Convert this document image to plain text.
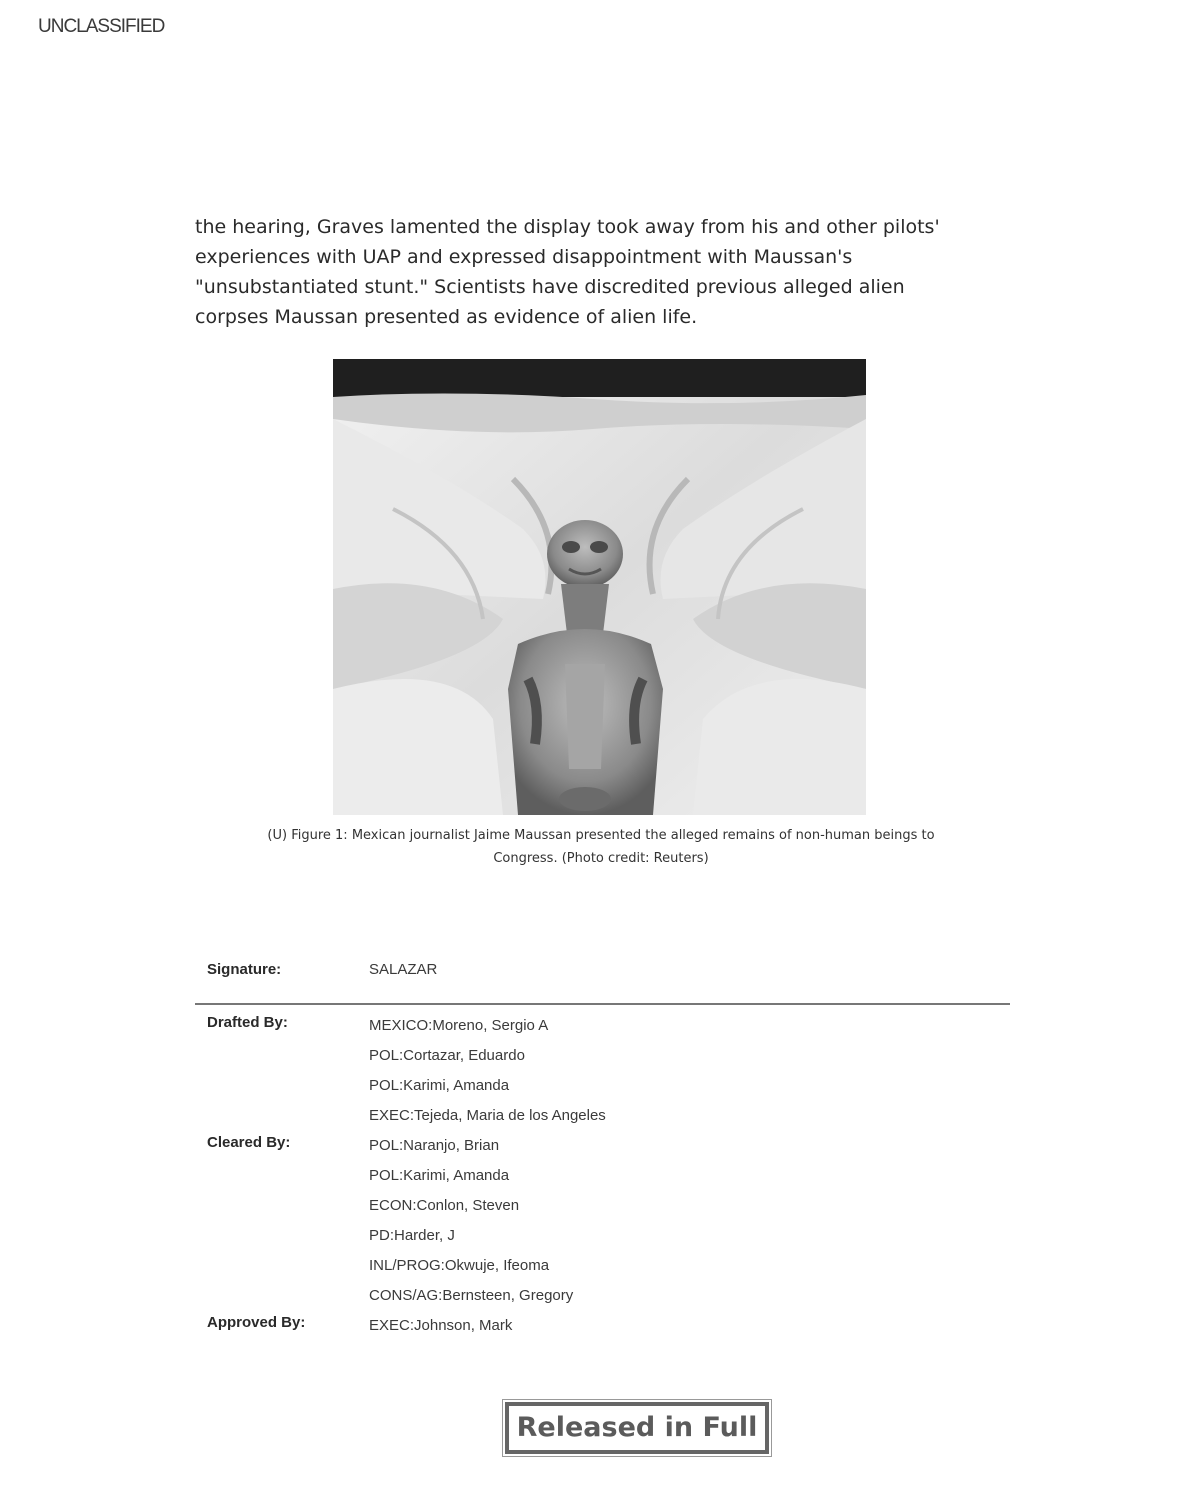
UNCLASSIFIED
the hearing, Graves lamented the display took away from his and other pilots'
experiences with UAP and expressed disappointment with Maussan's
"unsubstantiated stunt." Scientists have discredited previous alleged alien
corpses Maussan presented as evidence of alien life.
(U) Figure 1: Mexican journalist Jaime Maussan presented the alleged remains of non-human beings to
Congress. (Photo credit: Reuters)
Signature:	SALAZAR
Drafted By:	MEXICO:Moreno, Sergio A
POL:Cortazar, Eduardo
POL:Karimi, Amanda
EXEC:Tejeda, Maria de los Angeles
Cleared By:	POL:Naranjo, Brian
POL:Karimi, Amanda
ECON:Conlon, Steven
PD:Harder, J
INL/PROG:Okwuje, Ifeoma
CONS/AG:Bernsteen, Gregory
Approved By:	EXEC:Johnson, Mark
Released in Full
